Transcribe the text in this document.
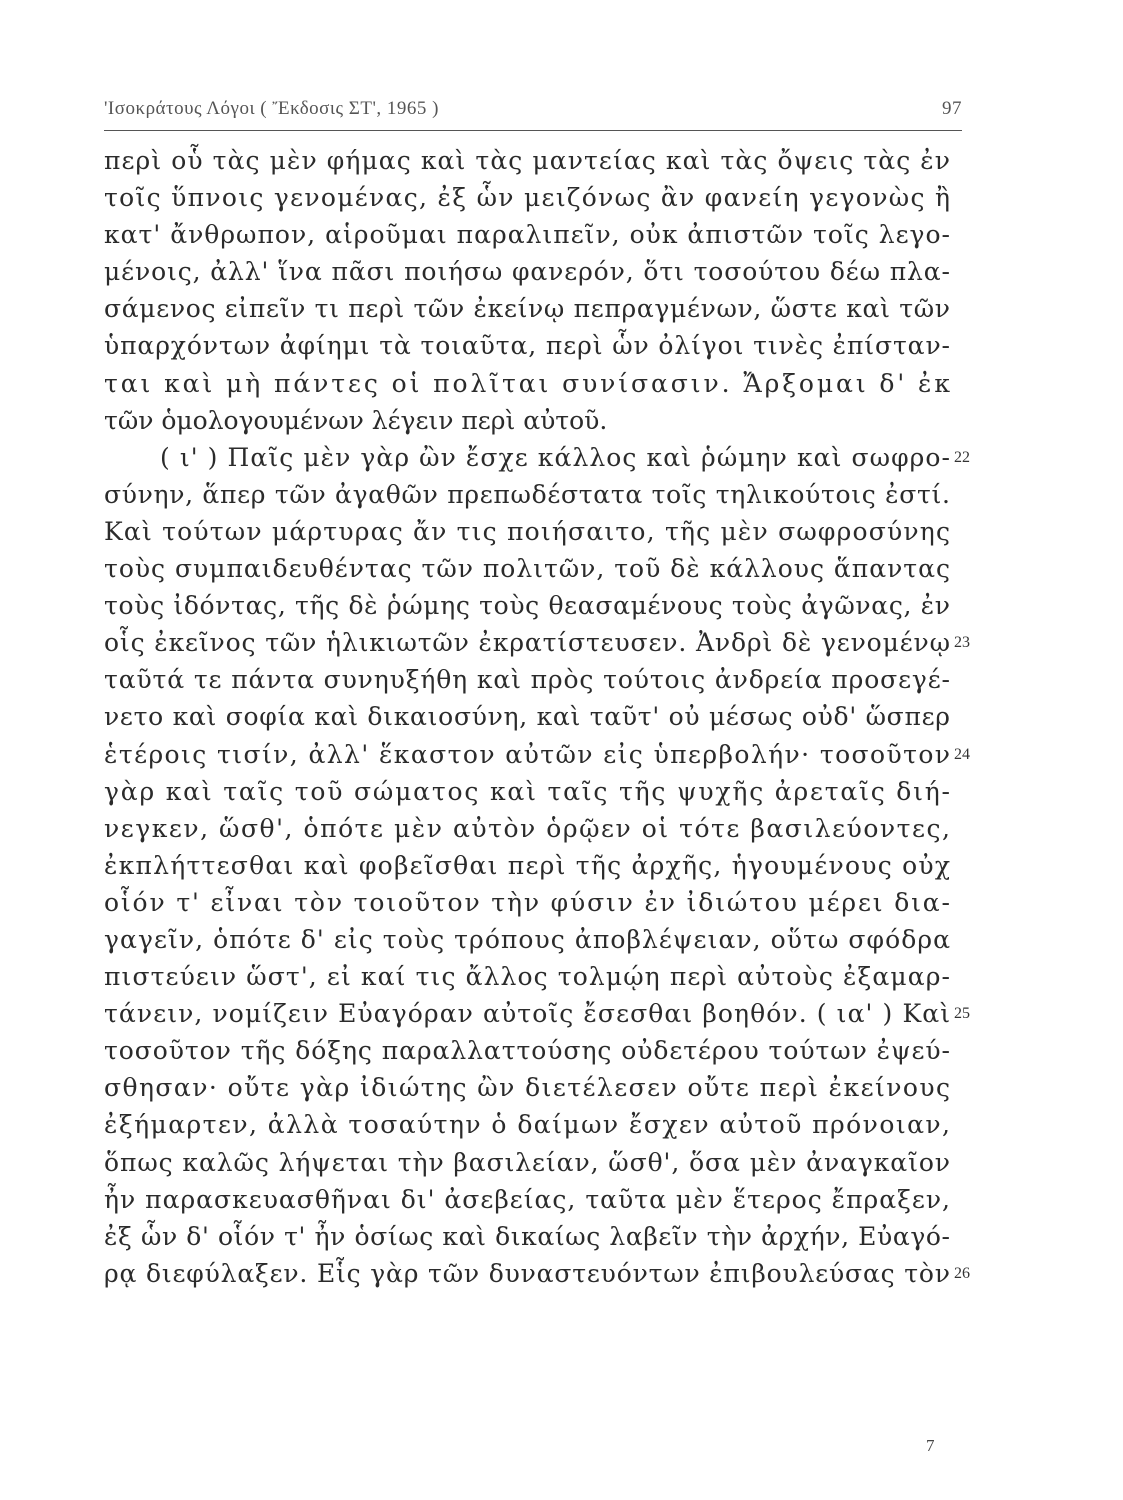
'Ισοκράτους Λόγοι ( Ἔκδοσις ΣΤ', 1965 )	97
περὶ οὗ τὰς μὲν φήμας καὶ τὰς μαντείας καὶ τὰς ὄψεις τὰς ἐν
τοῖς ὕπνοις γενομένας, ἐξ ὧν μειζόνως ἂν φανείη γεγονὼς ἢ
κατ' ἄνθρωπον, αἱροῦμαι παραλιπεῖν, οὐκ ἀπιστῶν τοῖς λεγο-
μένοις, ἀλλ' ἵνα πᾶσι ποιήσω φανερόν, ὅτι τοσούτου δέω πλα-
σάμενος εἰπεῖν τι περὶ τῶν ἐκείνῳ πεπραγμένων, ὥστε καὶ τῶν
ὑπαρχόντων ἀφίημι τὰ τοιαῦτα, περὶ ὧν ὀλίγοι τινὲς ἐπίσταν-
ται καὶ μὴ πάντες οἱ πολῖται συνίσασιν. Ἄρξομαι δ' ἐκ
τῶν ὁμολογουμένων λέγειν περὶ αὐτοῦ.
( ι' ) Παῖς μὲν γὰρ ὢν ἔσχε κάλλος καὶ ῥώμην καὶ σωφρο- 22
σύνην, ἅπερ τῶν ἀγαθῶν πρεπωδέστατα τοῖς τηλικούτοις ἐστί.
Καὶ τούτων μάρτυρας ἄν τις ποιήσαιτο, τῆς μὲν σωφροσύνης
τοὺς συμπαιδευθέντας τῶν πολιτῶν, τοῦ δὲ κάλλους ἅπαντας
τοὺς ἰδόντας, τῆς δὲ ῥώμης τοὺς θεασαμένους τοὺς ἀγῶνας, ἐν
οἷς ἐκεῖνος τῶν ἡλικιωτῶν ἐκρατίστευσεν. Ἀνδρὶ δὲ γενομένῳ 23
ταῦτά τε πάντα συνηυξήθη καὶ πρὸς τούτοις ἀνδρεία προσεγέ-
νετο καὶ σοφία καὶ δικαιοσύνη, καὶ ταῦτ' οὐ μέσως οὐδ' ὥσπερ
ἑτέροις τισίν, ἀλλ' ἕκαστον αὐτῶν εἰς ὑπερβολήν· τοσοῦτον 24
γὰρ καὶ ταῖς τοῦ σώματος καὶ ταῖς τῆς ψυχῆς ἀρεταῖς διή-
νεγκεν, ὥσθ', ὁπότε μὲν αὐτὸν ὁρῷεν οἱ τότε βασιλεύοντες,
ἐκπλήττεσθαι καὶ φοβεῖσθαι περὶ τῆς ἀρχῆς, ἡγουμένους οὐχ
οἷόν τ' εἶναι τὸν τοιοῦτον τὴν φύσιν ἐν ἰδιώτου μέρει δια-
γαγεῖν, ὁπότε δ' εἰς τοὺς τρόπους ἀποβλέψειαν, οὕτω σφόδρα
πιστεύειν ὥστ', εἰ καί τις ἄλλος τολμῴη περὶ αὐτοὺς ἐξαμαρ-
τάνειν, νομίζειν Εὐαγόραν αὐτοῖς ἔσεσθαι βοηθόν. ( ια' ) Καὶ 25
τοσοῦτον τῆς δόξης παραλλαττούσης οὐδετέρου τούτων ἐψεύ-
σθησαν· οὔτε γὰρ ἰδιώτης ὢν διετέλεσεν οὔτε περὶ ἐκείνους
ἐξήμαρτεν, ἀλλὰ τοσαύτην ὁ δαίμων ἔσχεν αὐτοῦ πρόνοιαν,
ὅπως καλῶς λήψεται τὴν βασιλείαν, ὥσθ', ὅσα μὲν ἀναγκαῖον
ἦν παρασκευασθῆναι δι' ἀσεβείας, ταῦτα μὲν ἕτερος ἔπραξεν,
ἐξ ὧν δ' οἷόν τ' ἦν ὁσίως καὶ δικαίως λαβεῖν τὴν ἀρχήν, Εὐαγό-
ρᾳ διεφύλαξεν. Εἷς γὰρ τῶν δυναστευόντων ἐπιβουλεύσας τὸν 26
7
